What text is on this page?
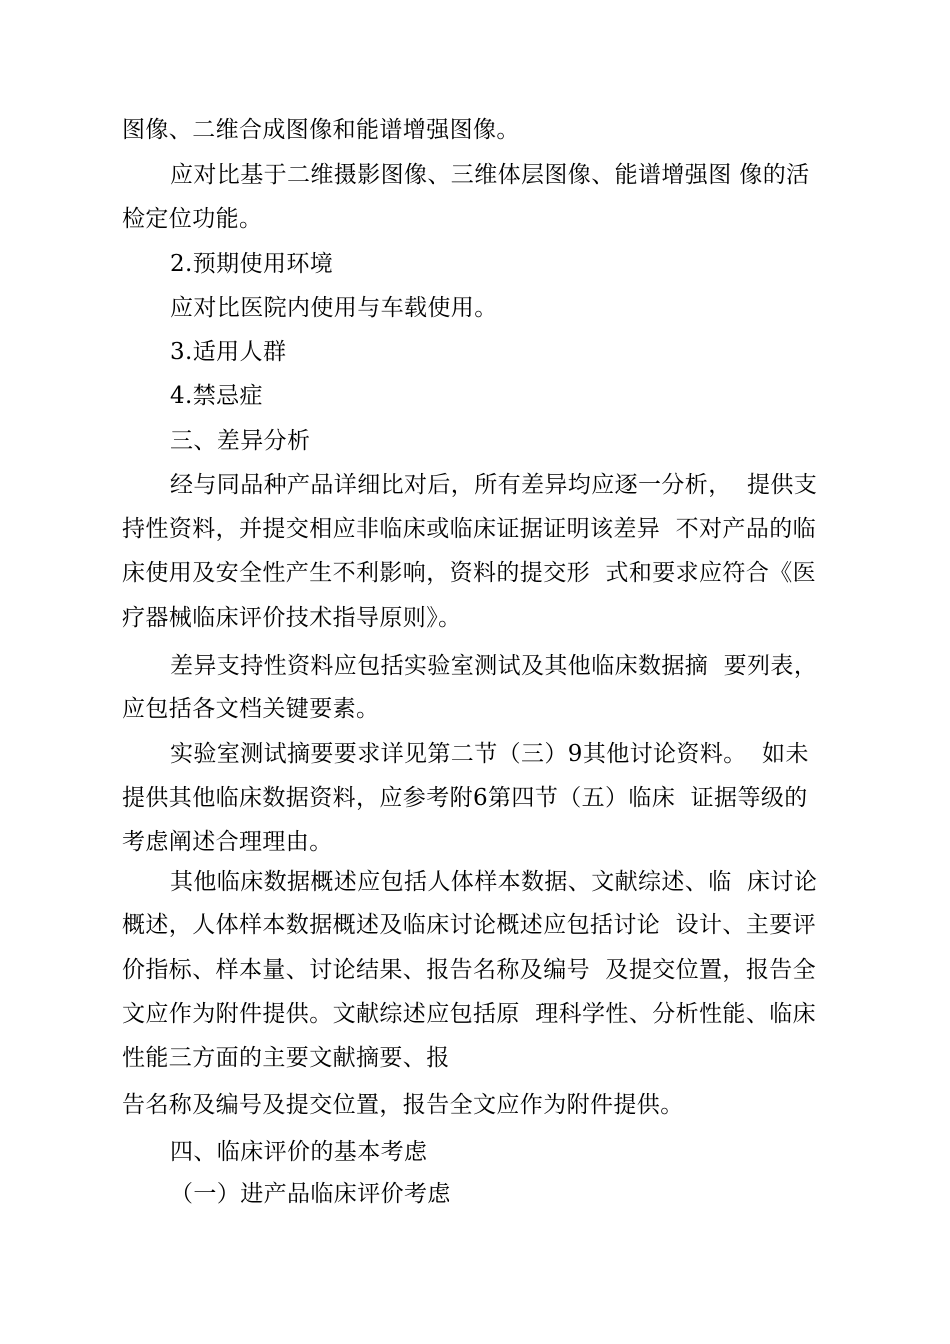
图像、二维合成图像和能谱增强图像。
应对比基于二维摄影图像、三维体层图像、能谱增强图 像的活
检定位功能。
2.预期使用环境
应对比医院内使用与车载使用。
3.适用人群
4.禁忌症
三、差异分析
经与同品种产品详细比对后，所有差异均应逐一分析，  提供支
持性资料，并提交相应非临床或临床证据证明该差异  不对产品的临
床使用及安全性产生不利影响，资料的提交形  式和要求应符合《医
疗器械临床评价技术指导原则》。
差异支持性资料应包括实验室测试及其他临床数据摘  要列表，
应包括各文档关键要素。
实验室测试摘要要求详见第二节（三）9其他讨论资料。  如未
提供其他临床数据资料，应参考附6第四节（五）临床  证据等级的
考虑阐述合理理由。
其他临床数据概述应包括人体样本数据、文献综述、临  床讨论
概述，人体样本数据概述及临床讨论概述应包括讨论  设计、主要评
价指标、样本量、讨论结果、报告名称及编号  及提交位置，报告全
文应作为附件提供。文献综述应包括原  理科学性、分析性能、临床
性能三方面的主要文献摘要、报
告名称及编号及提交位置，报告全文应作为附件提供。
四、临床评价的基本考虑
（一）进产品临床评价考虑
